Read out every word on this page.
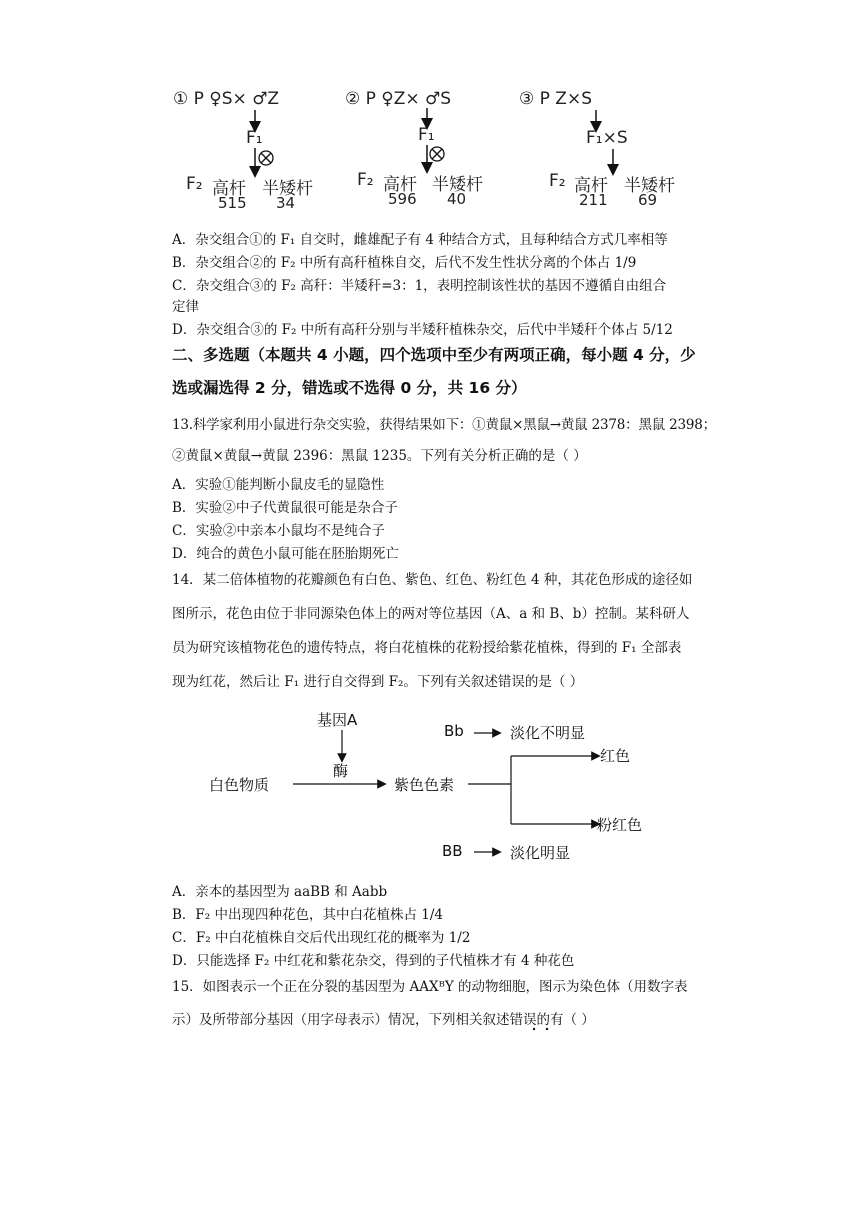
① P ♀S× ♂Z
F₁
F₂ 高杆 半矮杆
515 34
② P ♀Z× ♂S
F₁
F₂ 高杆 半矮杆
596 40
③ P Z×S
F₁×S
F₂ 高杆 半矮杆
211 69
A．杂交组合①的 F₁ 自交时，雌雄配子有 4 种结合方式，且每种结合方式几率相等
B．杂交组合②的 F₂ 中所有高秆植株自交，后代不发生性状分离的个体占 1/9
C．杂交组合③的 F₂ 高秆：半矮秆=3：1，表明控制该性状的基因不遵循自由组合
定律
D．杂交组合③的 F₂ 中所有高秆分别与半矮秆植株杂交，后代中半矮秆个体占 5/12
二、多选题（本题共 4 小题，四个选项中至少有两项正确，每小题 4 分，少
选或漏选得 2 分，错选或不选得 0 分，共 16 分）
13.科学家利用小鼠进行杂交实验，获得结果如下：①黄鼠×黑鼠→黄鼠 2378：黑鼠 2398；
②黄鼠×黄鼠→黄鼠 2396：黑鼠 1235。下列有关分析正确的是（ ）
A．实验①能判断小鼠皮毛的显隐性
B．实验②中子代黄鼠很可能是杂合子
C．实验②中亲本小鼠均不是纯合子
D．纯合的黄色小鼠可能在胚胎期死亡
14．某二倍体植物的花瓣颜色有白色、紫色、红色、粉红色 4 种，其花色形成的途径如
图所示，花色由位于非同源染色体上的两对等位基因（A、a 和 B、b）控制。某科研人
员为研究该植物花色的遗传特点，将白花植株的花粉授给紫花植株，得到的 F₁ 全部表
现为红花，然后让 F₁ 进行自交得到 F₂。下列有关叙述错误的是（ ）
基因A
酶
白色物质	紫色色素
Bb	淡化不明显
红色
粉红色
BB	淡化明显
A．亲本的基因型为 aaBB 和 Aabb
B．F₂ 中出现四种花色，其中白花植株占 1/4
C．F₂ 中白花植株自交后代出现红花的概率为 1/2
D．只能选择 F₂ 中红花和紫花杂交，得到的子代植株才有 4 种花色
15．如图表示一个正在分裂的基因型为 AAXᴮY 的动物细胞，图示为染色体（用数字表
示）及所带部分基因（用字母表示）情况，下列相关叙述错误的有（ ）
